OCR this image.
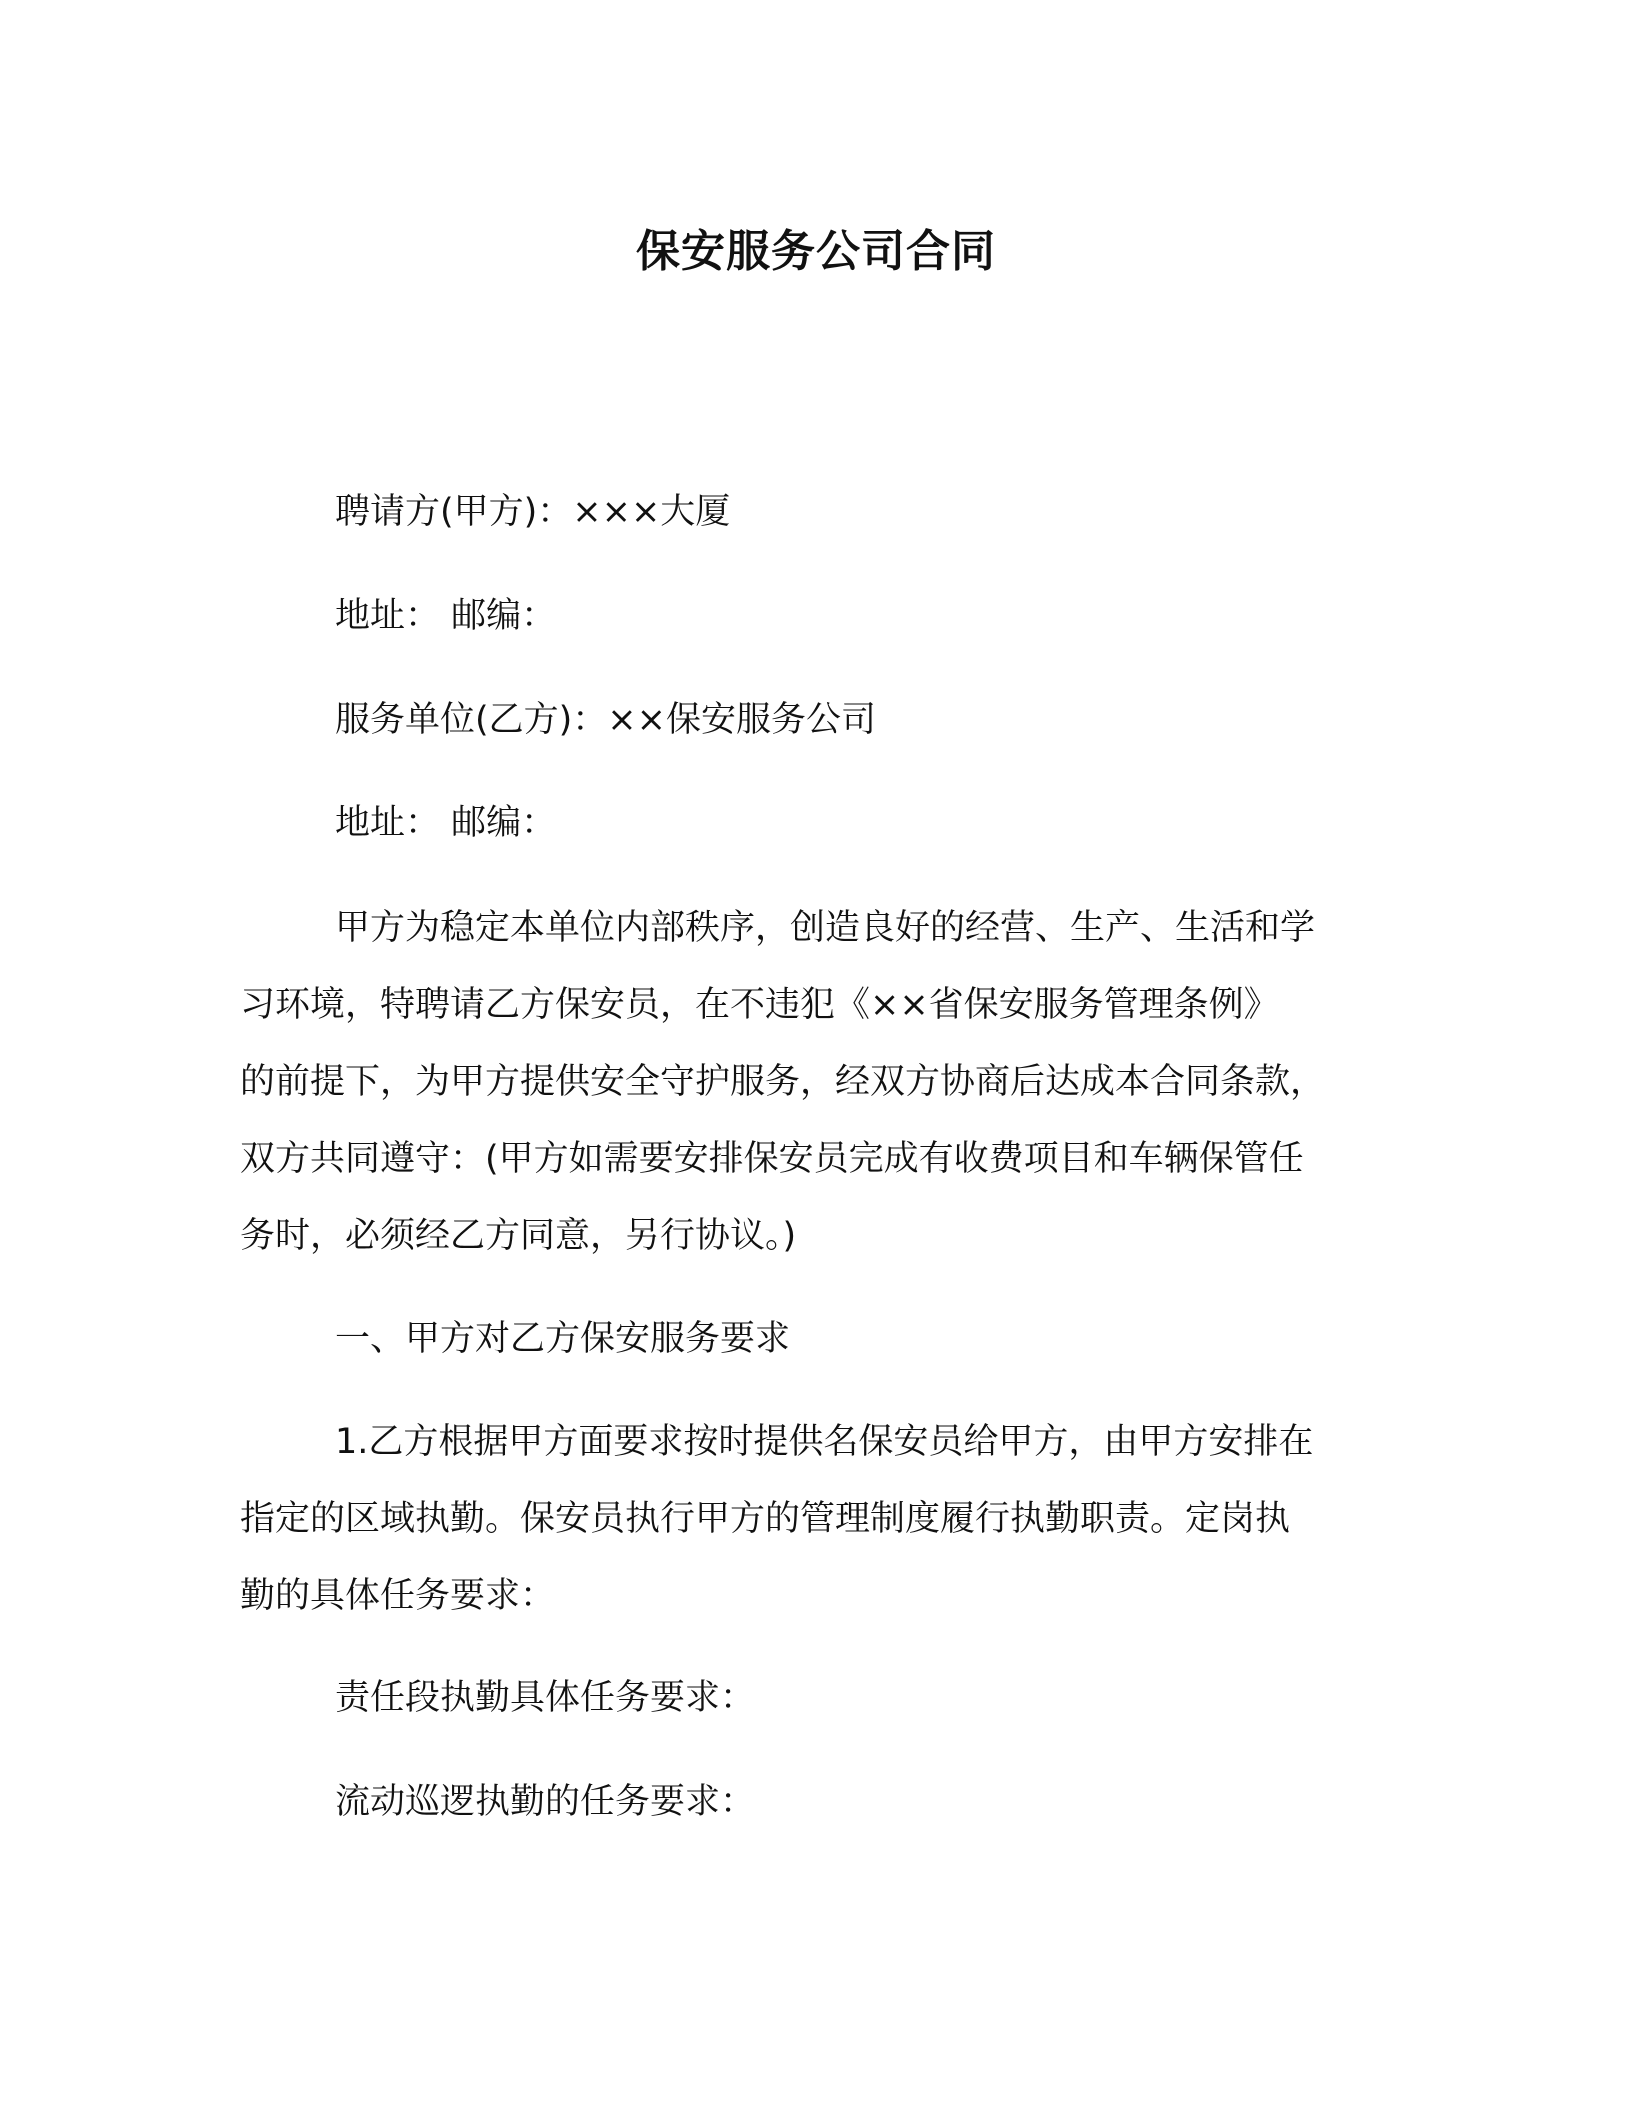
保安服务公司合同

聘请方(甲方)：×××大厦

地址： 邮编：

服务单位(乙方)：××保安服务公司

地址： 邮编：

甲方为稳定本单位内部秩序，创造良好的经营、生产、生活和学

习环境，特聘请乙方保安员，在不违犯《××省保安服务管理条例》

的前提下，为甲方提供安全守护服务，经双方协商后达成本合同条款，

双方共同遵守：(甲方如需要安排保安员完成有收费项目和车辆保管任

务时，必须经乙方同意，另行协议。)

一、甲方对乙方保安服务要求

1.乙方根据甲方面要求按时提供名保安员给甲方，由甲方安排在

指定的区域执勤。保安员执行甲方的管理制度履行执勤职责。定岗执

勤的具体任务要求：

责任段执勤具体任务要求：

流动巡逻执勤的任务要求：
